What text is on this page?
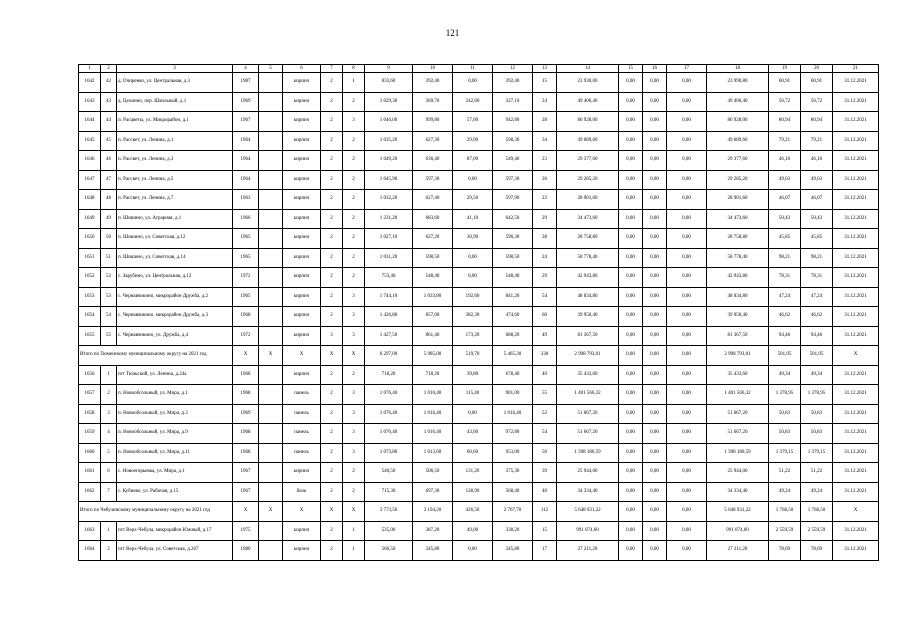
121
1	2	3	4	5	6	7	8	9	10	11	12	13	14	15	16	17	18	19	20	21
1642	42	д. Очиренко, ул. Центральная, д.3	1987		кирпич	2	1	833,60	392,40	0,00	392,40	15	23 930,00	0,00	0,00	0,00	23 990,80	60,91	60,91	31.12.2021
1643	43	д. Целинно, пер. Школьный, д.1	1969		кирпич	2	2	1 029,30	369,70	242,60	327,10	24	49 406,40	0,00	0,00	0,00	49 406,40	56,72	56,72	31.12.2021
1644	44	п. Расцветы, ул. Микрорайон, д.1	1967		кирпич	2	3	1 046,00	999,80	57,00	942,80	28	80 928,00	0,00	0,00	0,00	80 928,00	80,94	80,94	31.12.2021
1645	45	п. Рассвет, ул. Ленина, д.1	1964		кирпич	2	2	1 035,20	627,30	29,00	598,30	34	49 689,60	0,00	0,00	0,00	49 689,60	79,21	79,21	31.12.2021
1646	46	п. Рассвет, ул. Ленина, д.3	1964		кирпич	2	2	1 049,20	636,40	87,00	549,40	23	29 377,60	0,00	0,00	0,00	29 377,60	46,16	46,16	31.12.2021
1647	47	п. Рассвет, ул. Ленина, д.5	1964		кирпич	2	2	1 045,90	597,30	0,00	597,30	26	29 285,20	0,00	0,00	0,00	29 285,20	49,03	49,03	31.12.2021
1648	48	п. Рассвет, ул. Ленина, д.7	1963		кирпич	2	2	1 032,20	627,40	29,50	597,90	23	28 901,60	0,00	0,00	0,00	28 901,60	46,07	46,07	31.12.2021
1649	49	п. Шишино, ул. Аграрная, д.1	1966		кирпич	2	2	1 231,20	683,60	41,10	642,50	29	34 473,60	0,00	0,00	0,00	34 473,60	50,43	50,43	31.12.2021
1650	50	п. Шишино, ул. Советская, д.12	1965		кирпич	2	2	1 027,10	627,20	30,90	596,30	28	28 758,80	0,00	0,00	0,00	28 758,80	45,85	45,85	31.12.2021
1651	51	п. Шишино, ул. Советская, д.14	1965		кирпич	2	2	1 031,20	598,50	0,00	598,50	24	58 778,40	0,00	0,00	0,00	58 778,40	98,21	98,21	31.12.2021
1652	52	с. Зарубино, ул. Центральная, д.12	1972		кирпич	2	2	753,40	548,40	0,00	548,40	29	42 943,80	0,00	0,00	0,00	42 943,80	78,31	78,31	31.12.2021
1653	53	с. Чернавчикино, микрорайон Дружба, д.2	1965		кирпич	2	3	1 744,10	1 033,80	192,60	841,20	54	48 834,80	0,00	0,00	0,00	48 834,80	47,24	47,24	31.12.2021
1654	54	с. Чернавчикино, микрорайон Дружба, д.3	1968		кирпич	2	3	1 426,80	857,00	382,30	474,60	60	39 950,40	0,00	0,00	0,00	39 950,40	46,62	46,62	31.12.2021
1655	55	с. Чернавчикино, ул. Дружба, д.4	1972		кирпич	3	3	1 427,50	861,40	173,20	688,20	49	81 367,50	0,00	0,00	0,00	81 367,50	94,46	94,46	31.12.2021
Итого по Тюменскому муниципальному округу на 2021 год			X	X	X	X	X	6 297,00	5 985,00	519,70	5 465,30	330	2 998 793,01	0,00	0,00	0,00	2 998 793,01	501,05	501,05	X
1656	1	пгт Тюльский, ул. Ленина, д.24а	1968		кирпич	2	2	718,20	718,20	39,80	678,40	40	35 433,60	0,00	0,00	0,00	35 433,60	49,34	49,34	31.12.2021
1657	2	п. Новообсольный, ул. Мира, д.1	1968		панель	2	3	1 076,40	1 016,40	115,40	901,00	55	1 401 566,32	0,00	0,00	0,00	1 401 566,32	1 378,95	1 378,95	31.12.2021
1658	3	п. Новообсольный, ул. Мира, д.3	1969		панель	2	3	1 076,40	1 016,40	0,00	1 016,40	52	51 667,20	0,00	0,00	0,00	51 667,20	50,83	50,83	31.12.2021
1659	4	п. Новообсольный, ул. Мира, д.9	1968		панель	2	3	1 076,40	1 016,40	43,60	972,80	54	51 667,20	0,00	0,00	0,00	51 667,20	50,83	50,83	31.12.2021
1660	5	п. Новообсольный, ул. Мира, д.11	1968		панель	2	3	1 073,80	1 013,60	60,60	953,00	50	1 398 180,59	0,00	0,00	0,00	1 398 180,59	1 379,15	1 379,15	31.12.2021
1661	6	с. Новоегорьевка, ул. Мира, д.1	1967		кирпич	2	2	540,50	506,50	131,20	375,30	39	25 944,00	0,00	0,00	0,00	25 944,00	51,22	51,22	31.12.2021
1662	7	с. Кубиево, ул. Рабочая, д.15	1967		блок	2	2	715,30	697,30	128,90	568,40	40	34 334,40	0,00	0,00	0,00	34 334,40	49,24	49,24	31.12.2021
Итого по Чебулинскому муниципальному округу на 2021 год			X	X	X	X	X	3 773,50	3 194,20	426,50	2 767,70	112	5 648 931,22	0,00	0,00	0,00	5 648 931,22	1 768,50	1 768,50	X
1663	1	пгт Верх-Чебула, микрорайон Южный, д.17	1975		кирпич	2	1	535,00	387,20	49,00	338,20	15	991 074,60	0,00	0,00	0,00	991 074,60	2 559,59	2 559,59	31.12.2021
1664	2	пгт Верх-Чебула, ул. Советская, д.267	1980		кирпич	2	1	566,50	345,80	0,00	345,80	17	27 211,20	0,00	0,00	0,00	27 211,20	78,69	78,69	31.12.2021
